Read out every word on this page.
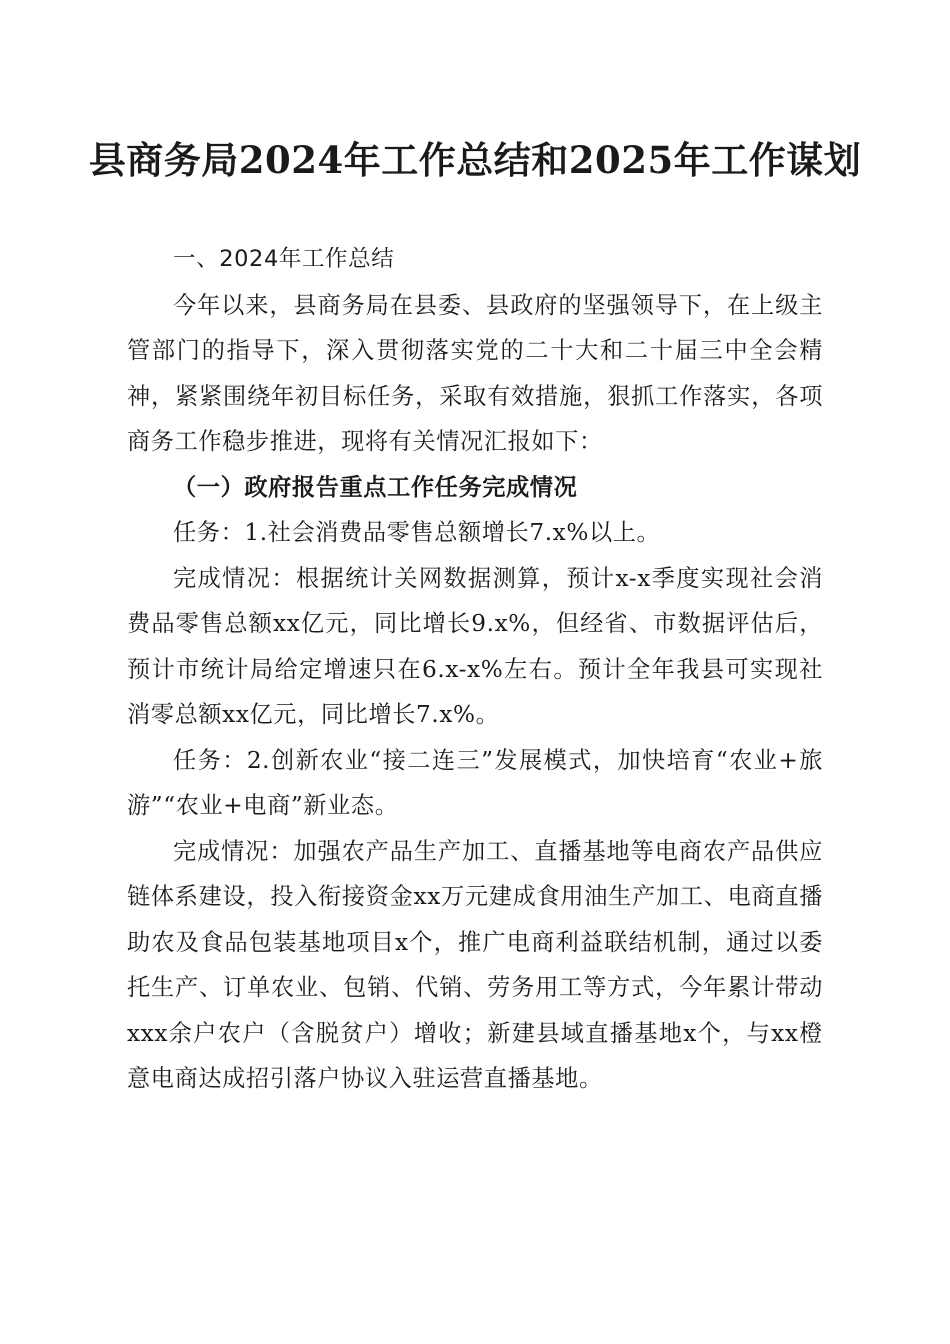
县商务局2024年工作总结和2025年工作谋划

一、2024年工作总结

今年以来，县商务局在县委、县政府的坚强领导下，在上级主管部门的指导下，深入贯彻落实党的二十大和二十届三中全会精神，紧紧围绕年初目标任务，采取有效措施，狠抓工作落实，各项商务工作稳步推进，现将有关情况汇报如下：

（一）政府报告重点工作任务完成情况

任务：1.社会消费品零售总额增长7.x%以上。

完成情况：根据统计关网数据测算，预计x-x季度实现社会消费品零售总额xx亿元，同比增长9.x%，但经省、市数据评估后，预计市统计局给定增速只在6.x-x%左右。预计全年我县可实现社消零总额xx亿元，同比增长7.x%。

任务：2.创新农业“接二连三”发展模式，加快培育“农业+旅游”“农业+电商”新业态。

完成情况：加强农产品生产加工、直播基地等电商农产品供应链体系建设，投入衔接资金xx万元建成食用油生产加工、电商直播助农及食品包装基地项目x个，推广电商利益联结机制，通过以委托生产、订单农业、包销、代销、劳务用工等方式，今年累计带动xxx余户农户（含脱贫户）增收；新建县域直播基地x个，与xx橙意电商达成招引落户协议入驻运营直播基地。
